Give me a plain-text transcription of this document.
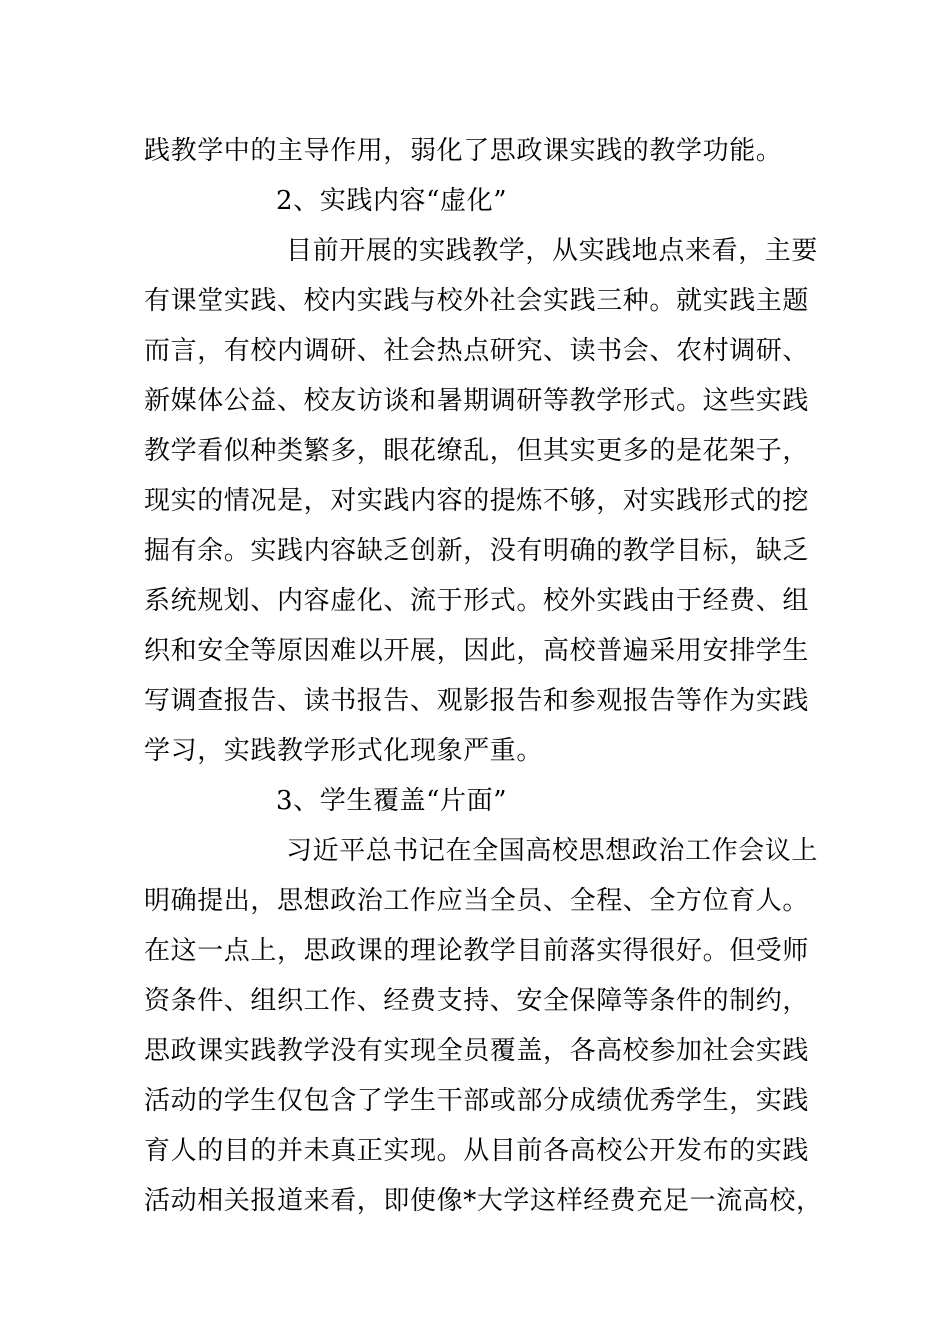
践教学中的主导作用，弱化了思政课实践的教学功能。
2、实践内容“虚化”
目前开展的实践教学，从实践地点来看，主要
有课堂实践、校内实践与校外社会实践三种。就实践主题
而言，有校内调研、社会热点研究、读书会、农村调研、
新媒体公益、校友访谈和暑期调研等教学形式。这些实践
教学看似种类繁多，眼花缭乱，但其实更多的是花架子，
现实的情况是，对实践内容的提炼不够，对实践形式的挖
掘有余。实践内容缺乏创新，没有明确的教学目标，缺乏
系统规划、内容虚化、流于形式。校外实践由于经费、组
织和安全等原因难以开展，因此，高校普遍采用安排学生
写调查报告、读书报告、观影报告和参观报告等作为实践
学习，实践教学形式化现象严重。
3、学生覆盖“片面”
习近平总书记在全国高校思想政治工作会议上
明确提出，思想政治工作应当全员、全程、全方位育人。
在这一点上，思政课的理论教学目前落实得很好。但受师
资条件、组织工作、经费支持、安全保障等条件的制约，
思政课实践教学没有实现全员覆盖，各高校参加社会实践
活动的学生仅包含了学生干部或部分成绩优秀学生，实践
育人的目的并未真正实现。从目前各高校公开发布的实践
活动相关报道来看，即使像*大学这样经费充足一流高校，
